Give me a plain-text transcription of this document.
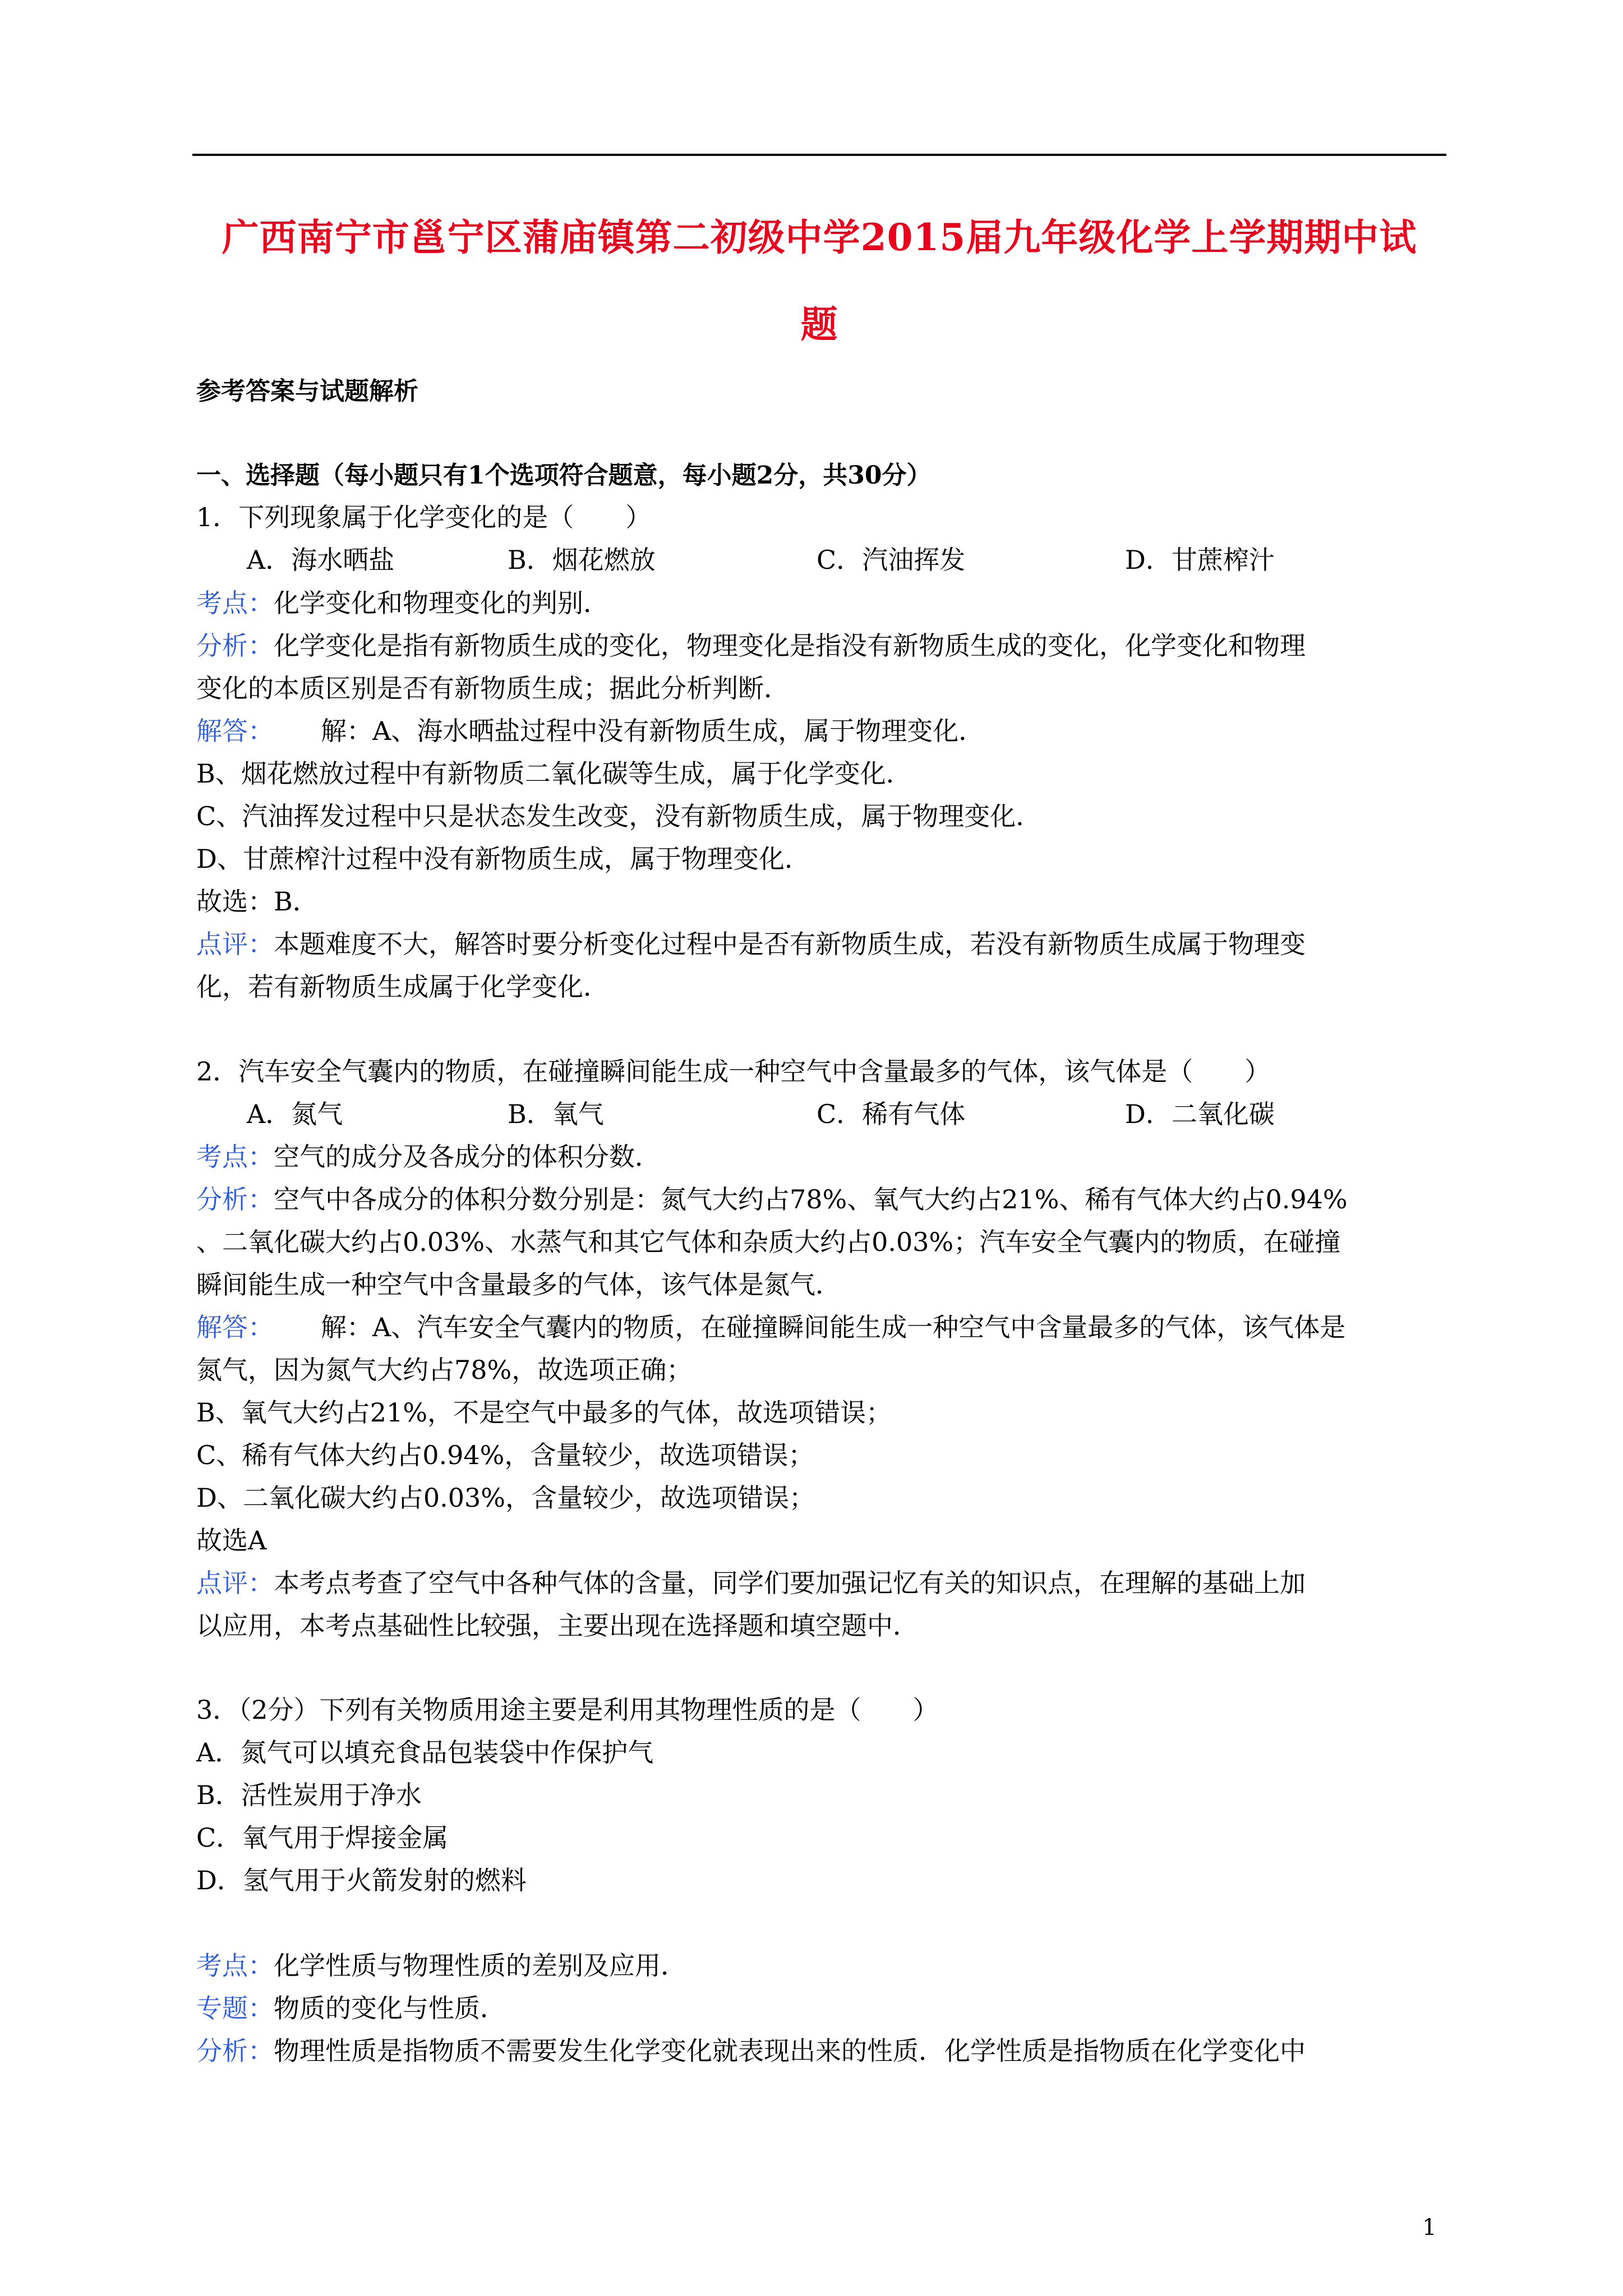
广西南宁市邕宁区蒲庙镇第二初级中学2015届九年级化学上学期期中试
题
参考答案与试题解析
一、选择题（每小题只有1个选项符合题意，每小题2分，共30分）
1．下列现象属于化学变化的是（　　）
A．海水晒盐	B．烟花燃放	C．汽油挥发	D．甘蔗榨汁
考点：化学变化和物理变化的判别．
分析：化学变化是指有新物质生成的变化，物理变化是指没有新物质生成的变化，化学变化和物理
变化的本质区别是否有新物质生成；据此分析判断．
解答： 解：A、海水晒盐过程中没有新物质生成，属于物理变化．
B、烟花燃放过程中有新物质二氧化碳等生成，属于化学变化．
C、汽油挥发过程中只是状态发生改变，没有新物质生成，属于物理变化．
D、甘蔗榨汁过程中没有新物质生成，属于物理变化．
故选：B．
点评：本题难度不大，解答时要分析变化过程中是否有新物质生成，若没有新物质生成属于物理变
化，若有新物质生成属于化学变化．
2．汽车安全气囊内的物质，在碰撞瞬间能生成一种空气中含量最多的气体，该气体是（　　）
A．氮气	B．氧气	C．稀有气体	D．二氧化碳
考点：空气的成分及各成分的体积分数．
分析：空气中各成分的体积分数分别是：氮气大约占78%、氧气大约占21%、稀有气体大约占0.94%
、二氧化碳大约占0.03%、水蒸气和其它气体和杂质大约占0.03%；汽车安全气囊内的物质，在碰撞
瞬间能生成一种空气中含量最多的气体，该气体是氮气．
解答： 解：A、汽车安全气囊内的物质，在碰撞瞬间能生成一种空气中含量最多的气体，该气体是
氮气，因为氮气大约占78%，故选项正确；
B、氧气大约占21%，不是空气中最多的气体，故选项错误；
C、稀有气体大约占0.94%，含量较少，故选项错误；
D、二氧化碳大约占0.03%，含量较少，故选项错误；
故选A
点评：本考点考查了空气中各种气体的含量，同学们要加强记忆有关的知识点，在理解的基础上加
以应用，本考点基础性比较强，主要出现在选择题和填空题中．
3．（2分）下列有关物质用途主要是利用其物理性质的是（　　）
A．氮气可以填充食品包装袋中作保护气
B．活性炭用于净水
C．氧气用于焊接金属
D．氢气用于火箭发射的燃料
考点：化学性质与物理性质的差别及应用．
专题：物质的变化与性质．
分析：物理性质是指物质不需要发生化学变化就表现出来的性质．化学性质是指物质在化学变化中
1
